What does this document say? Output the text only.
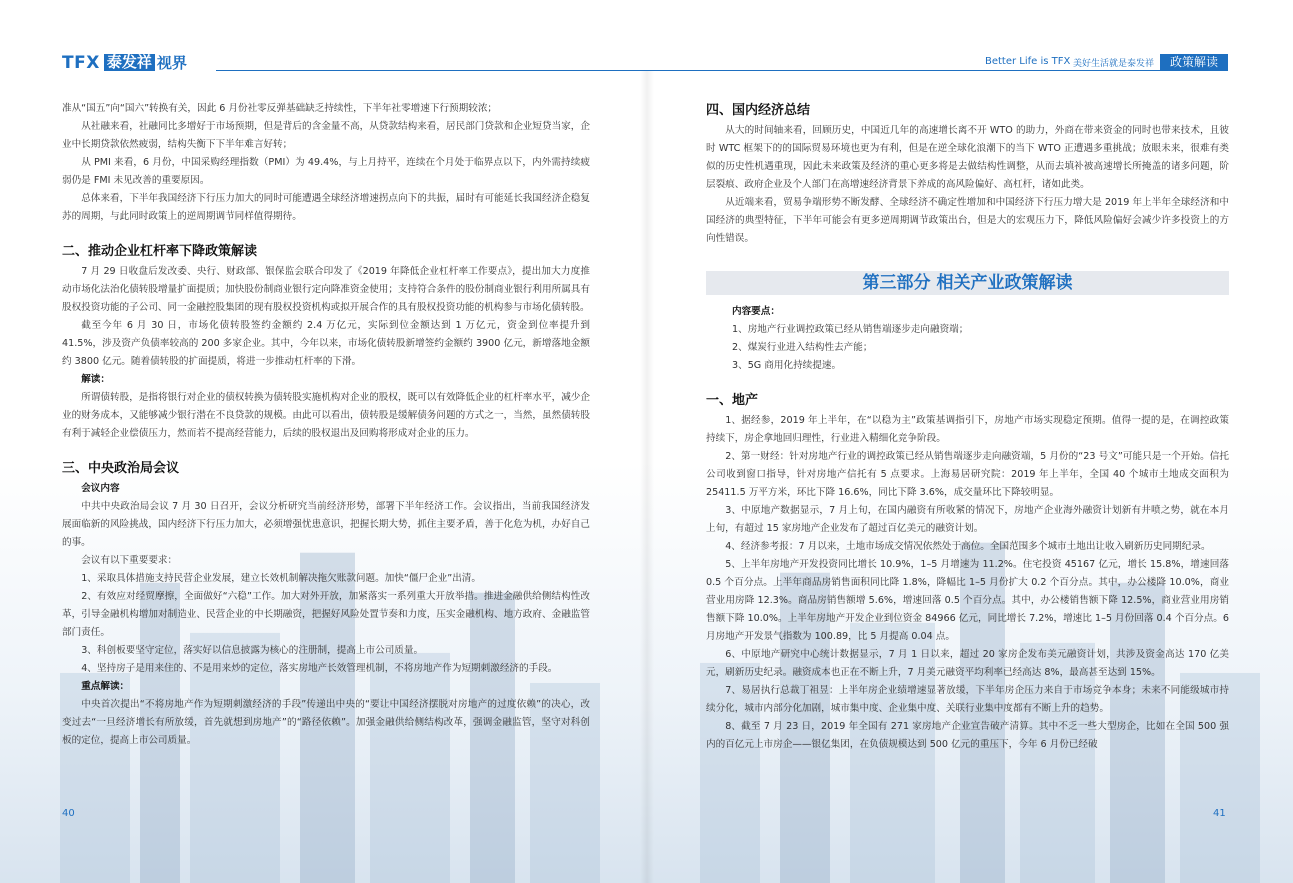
TFX 泰发祥 视界	Better Life is TFX 美好生活就是泰发祥	政策解读

准从“国五”向“国六”转换有关，因此 6 月份社零反弹基础缺乏持续性，下半年社零增速下行预期较浓；

从社融来看，社融同比多增好于市场预期，但是背后的含金量不高，从贷款结构来看，居民部门贷款和企业短贷当家，企业中长期贷款依然疲弱，结构失衡下下半年难言好转；

从 PMI 来看，6 月份，中国采购经理指数（PMI）为 49.4%，与上月持平，连续在个月处于临界点以下，内外需持续疲弱仍是 FMI 未见改善的重要原因。

总体来看，下半年我国经济下行压力加大的同时可能遭遇全球经济增速拐点向下的共振，届时有可能延长我国经济企稳复苏的周期，与此同时政策上的逆周期调节同样值得期待。

二、推动企业杠杆率下降政策解读

7 月 29 日收盘后发改委、央行、财政部、银保监会联合印发了《2019 年降低企业杠杆率工作要点》，提出加大力度推动市场化法治化债转股增量扩面提质；加快股份制商业银行定向降准资金使用；支持符合条件的股份制商业银行利用所属具有股权投资功能的子公司、同一金融控股集团的现有股权投资机构或拟开展合作的具有股权投资功能的机构参与市场化债转股。

截至今年 6 月 30 日，市场化债转股签约金额约 2.4 万亿元，实际到位金额达到 1 万亿元，资金到位率提升到 41.5%，涉及资产负债率较高的 200 多家企业。其中，今年以来，市场化债转股新增签约金额约 3900 亿元，新增落地金额约 3800 亿元。随着债转股的扩面提质，将进一步推动杠杆率的下滑。

解读：

所谓债转股，是指将银行对企业的债权转换为债转股实施机构对企业的股权，既可以有效降低企业的杠杆率水平，减少企业的财务成本，又能够减少银行潜在不良贷款的规模。由此可以看出，债转股是缓解债务问题的方式之一，当然，虽然债转股有利于减轻企业偿债压力，然而若不提高经营能力，后续的股权退出及回购将形成对企业的压力。

三、中央政治局会议
会议内容

中共中央政治局会议 7 月 30 日召开，会议分析研究当前经济形势，部署下半年经济工作。会议指出，当前我国经济发展面临新的风险挑战，国内经济下行压力加大，必须增强忧患意识，把握长期大势，抓住主要矛盾，善于化危为机，办好自己的事。

会议有以下重要要求：

1、采取具体措施支持民营企业发展，建立长效机制解决拖欠账款问题。加快“僵尸企业”出清。

2、有效应对经贸摩擦，全面做好“六稳”工作。加大对外开放，加紧落实一系列重大开放举措。推进金融供给侧结构性改革，引导金融机构增加对制造业、民营企业的中长期融资，把握好风险处置节奏和力度，压实金融机构、地方政府、金融监管部门责任。

3、科创板要坚守定位，落实好以信息披露为核心的注册制，提高上市公司质量。

4、坚持房子是用来住的、不是用来炒的定位，落实房地产长效管理机制，不将房地产作为短期刺激经济的手段。

重点解读：

中央首次提出“不将房地产作为短期刺激经济的手段”传递出中央的“要让中国经济摆脱对房地产的过度依赖”的决心，改变过去“一旦经济增长有所放缓，首先就想到房地产”的“路径依赖”。加强金融供给侧结构改革，强调金融监管，坚守对科创板的定位，提高上市公司质量。

40
四、国内经济总结

从大的时间轴来看，回顾历史，中国近几年的高速增长离不开 WTO 的助力，外商在带来资金的同时也带来技术，且彼时 WTC 框架下的的国际贸易环境也更为有利，但是在逆全球化浪潮下的当下 WTO 正遭遇多重挑战；放眼未来，很难有类似的历史性机遇重现，因此未来政策及经济的重心更多将是去做结构性调整，从而去填补被高速增长所掩盖的诸多问题，阶层裂痕、政府企业及个人部门在高增速经济背景下养成的高风险偏好、高杠杆，诸如此类。

从近端来看，贸易争端形势不断发酵、全球经济不确定性增加和中国经济下行压力增大是 2019 年上半年全球经济和中国经济的典型特征，下半年可能会有更多逆周期调节政策出台，但是大的宏观压力下，降低风险偏好会减少许多投资上的方向性错误。

第三部分 相关产业政策解读
内容要点：

1、房地产行业调控政策已经从销售端逐步走向融资端；

2、煤炭行业进入结构性去产能；

3、5G 商用化持续提速。

一、地产

1、据经参，2019 年上半年，在“以稳为主”政策基调指引下，房地产市场实现稳定预期。值得一提的是，在调控政策持续下，房企拿地回归理性，行业进入精细化竞争阶段。

2、第一财经：针对房地产行业的调控政策已经从销售端逐步走向融资端，5 月份的“23 号文”可能只是一个开始。信托公司收到窗口指导，针对房地产信托有 5 点要求。上海易居研究院：2019 年上半年，全国 40 个城市土地成交面积为 25411.5 万平方米，环比下降 16.6%，同比下降 3.6%，成交量环比下降较明显。

3、中原地产数据显示，7 月上旬，在国内融资有所收紧的情况下，房地产企业海外融资计划新有井喷之势，就在本月上旬，有超过 15 家房地产企业发布了超过百亿美元的融资计划。

4、经济参考报：7 月以来，土地市场成交情况依然处于高位。全国范围多个城市土地出让收入刷新历史同期纪录。

5、上半年房地产开发投资同比增长 10.9%，1–5 月增速为 11.2%。住宅投资 45167 亿元，增长 15.8%，增速回落 0.5 个百分点。上半年商品房销售面积同比降 1.8%，降幅比 1–5 月份扩大 0.2 个百分点。其中，办公楼降 10.0%，商业营业用房降 12.3%。商品房销售额增 5.6%，增速回落 0.5 个百分点。其中，办公楼销售额下降 12.5%，商业营业用房销售额下降 10.0%。上半年房地产开发企业到位资金 84966 亿元，同比增长 7.2%，增速比 1–5 月份回落 0.4 个百分点。6 月房地产开发景气指数为 100.89，比 5 月提高 0.04 点。

6、中原地产研究中心统计数据显示，7 月 1 日以来，超过 20 家房企发布美元融资计划，共涉及资金高达 170 亿美元，刷新历史纪录。融资成本也正在不断上升，7 月美元融资平均利率已经高达 8%，最高甚至达到 15%。

7、易居执行总裁丁祖昱：上半年房企业绩增速显著放缓，下半年房企压力来自于市场竞争本身；未来不同能级城市持续分化，城市内部分化加剧，城市集中度、企业集中度、关联行业集中度都有不断上升的趋势。

8、截至 7 月 23 日，2019 年全国有 271 家房地产企业宣告破产清算。其中不乏一些大型房企，比如在全国 500 强内的百亿元上市房企——银亿集团，在负债规模达到 500 亿元的重压下，今年 6 月份已经破

41
